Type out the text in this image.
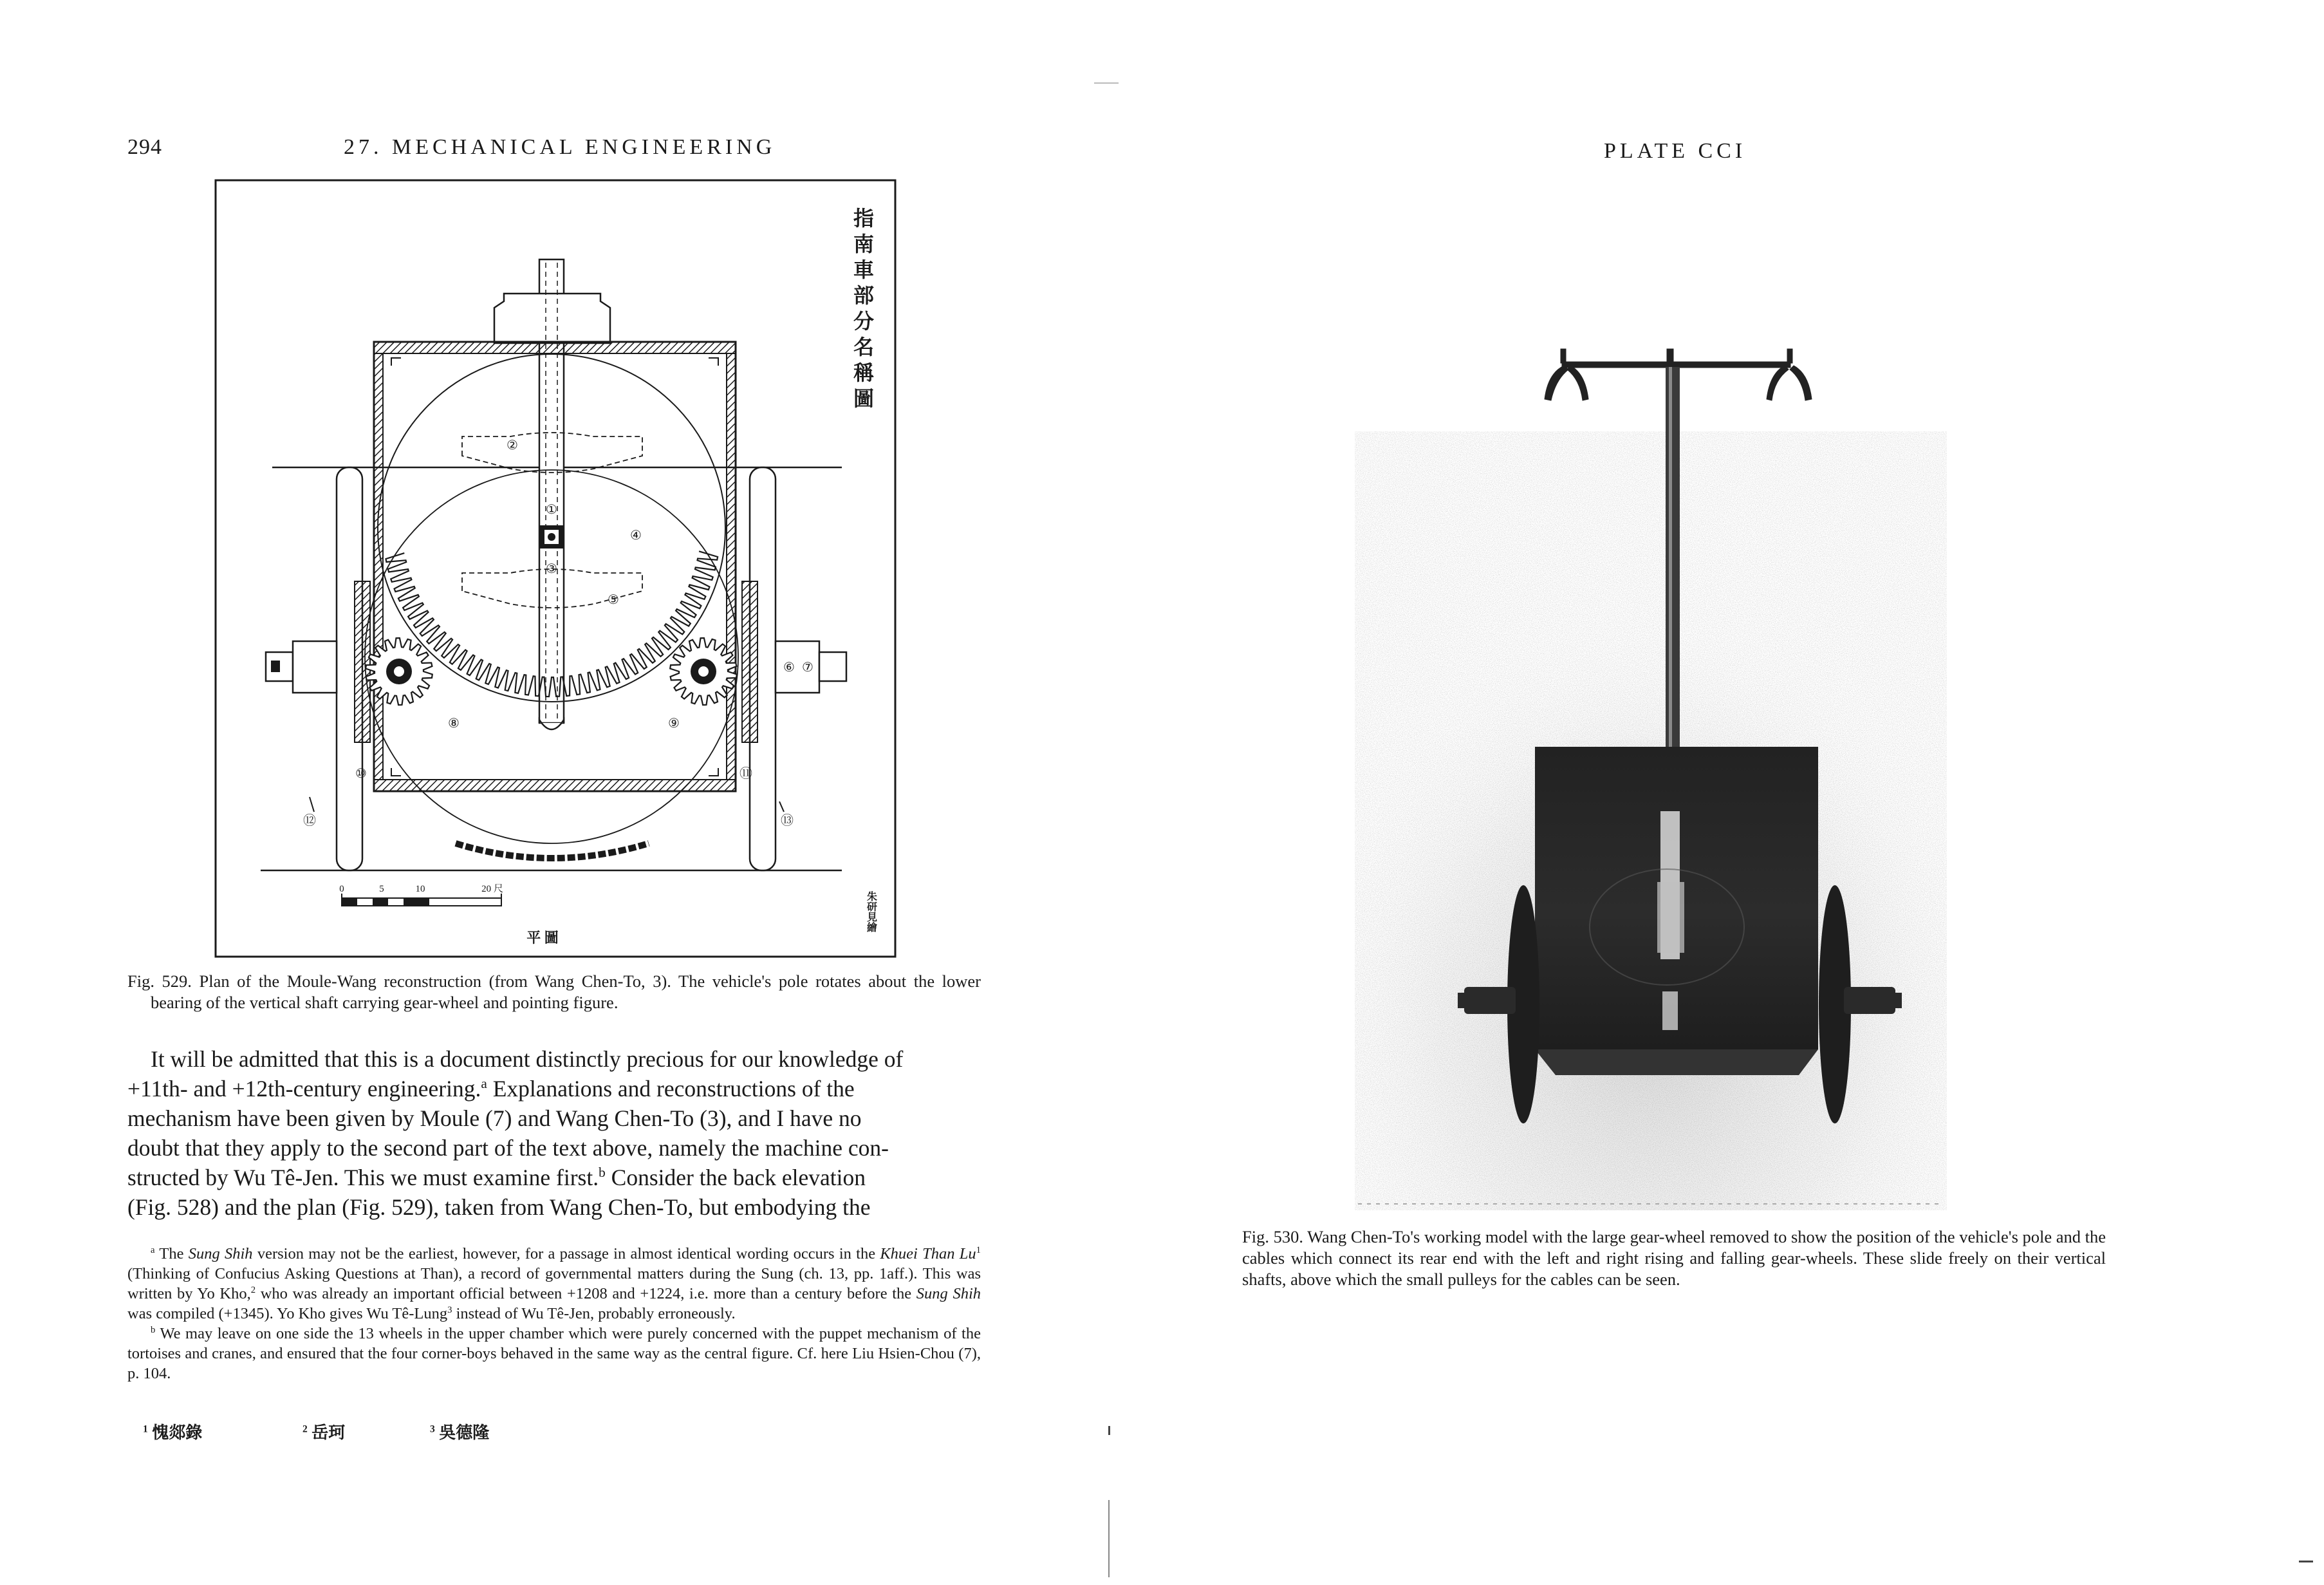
294	27. MECHANICAL ENGINEERING
指南車部分名稱圖
①
②
③
④
⑤
⑥ ⑦
⑧	⑨
⑩	⑪
⑫	⑬
0	5	10	20 尺
平 圖
朱研見繪
Fig. 529. Plan of the Moule-Wang reconstruction (from Wang Chen-To, 3). The vehicle's pole rotates about the lower bearing of the vertical shaft carrying gear-wheel and pointing figure.
It will be admitted that this is a document distinctly precious for our knowledge of
+11th- and +12th-century engineering.$^a$ Explanations and reconstructions of the
mechanism have been given by Moule (7) and Wang Chen-To (3), and I have no
doubt that they apply to the second part of the text above, namely the machine con-
structed by Wu Tê-Jen. This we must examine first.$^b$ Consider the back elevation
(Fig. 528) and the plan (Fig. 529), taken from Wang Chen-To, but embodying the

$^a$ The Sung Shih version may not be the earliest, however, for a passage in almost identical wording occurs in the Khuei Than Lu$^1$ (Thinking of Confucius Asking Questions at Than), a record of governmental matters during the Sung (ch. 13, pp. 1aff.). This was written by Yo Kho,$^2$ who was already an important official between +1208 and +1224, i.e. more than a century before the Sung Shih was compiled (+1345). Yo Kho gives Wu Tê-Lung$^3$ instead of Wu Tê-Jen, probably erroneously.

$^b$ We may leave on one side the 13 wheels in the upper chamber which were purely concerned with the puppet mechanism of the tortoises and cranes, and ensured that the four corner-boys behaved in the same way as the central figure. Cf. here Liu Hsien-Chou (7), p. 104.

$^1$ 愧郯錄	$^2$ 岳珂	$^3$ 吳德隆
PLATE CCI
Fig. 530. Wang Chen-To's working model with the large gear-wheel removed to show the position of the vehicle's pole and the cables which connect its rear end with the left and right rising and falling gear-wheels. These slide freely on their vertical shafts, above which the small pulleys for the cables can be seen.
